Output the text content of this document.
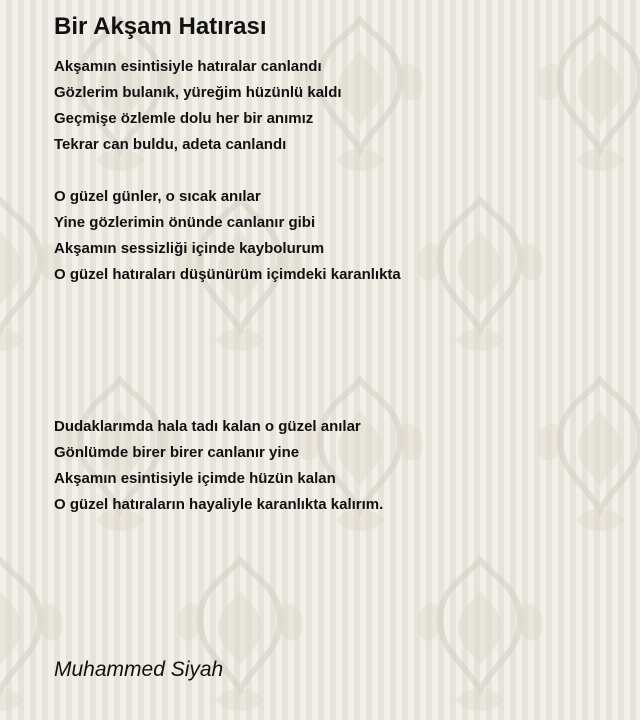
Bir Akşam Hatırası
Akşamın esintisiyle hatıralar canlandı
Gözlerim bulanık, yüreğim hüzünlü kaldı
Geçmişe özlemle dolu her bir anımız
Tekrar can buldu, adeta canlandı
O güzel günler, o sıcak anılar
Yine gözlerimin önünde canlanır gibi
Akşamın sessizliği içinde kaybolurum
O güzel hatıraları düşünürüm içimdeki karanlıkta
Dudaklarımda hala tadı kalan o güzel anılar
Gönlümde birer birer canlanır yine
Akşamın esintisiyle içimde hüzün kalan
O güzel hatıraların hayaliyle karanlıkta kalırım.
Muhammed Siyah
